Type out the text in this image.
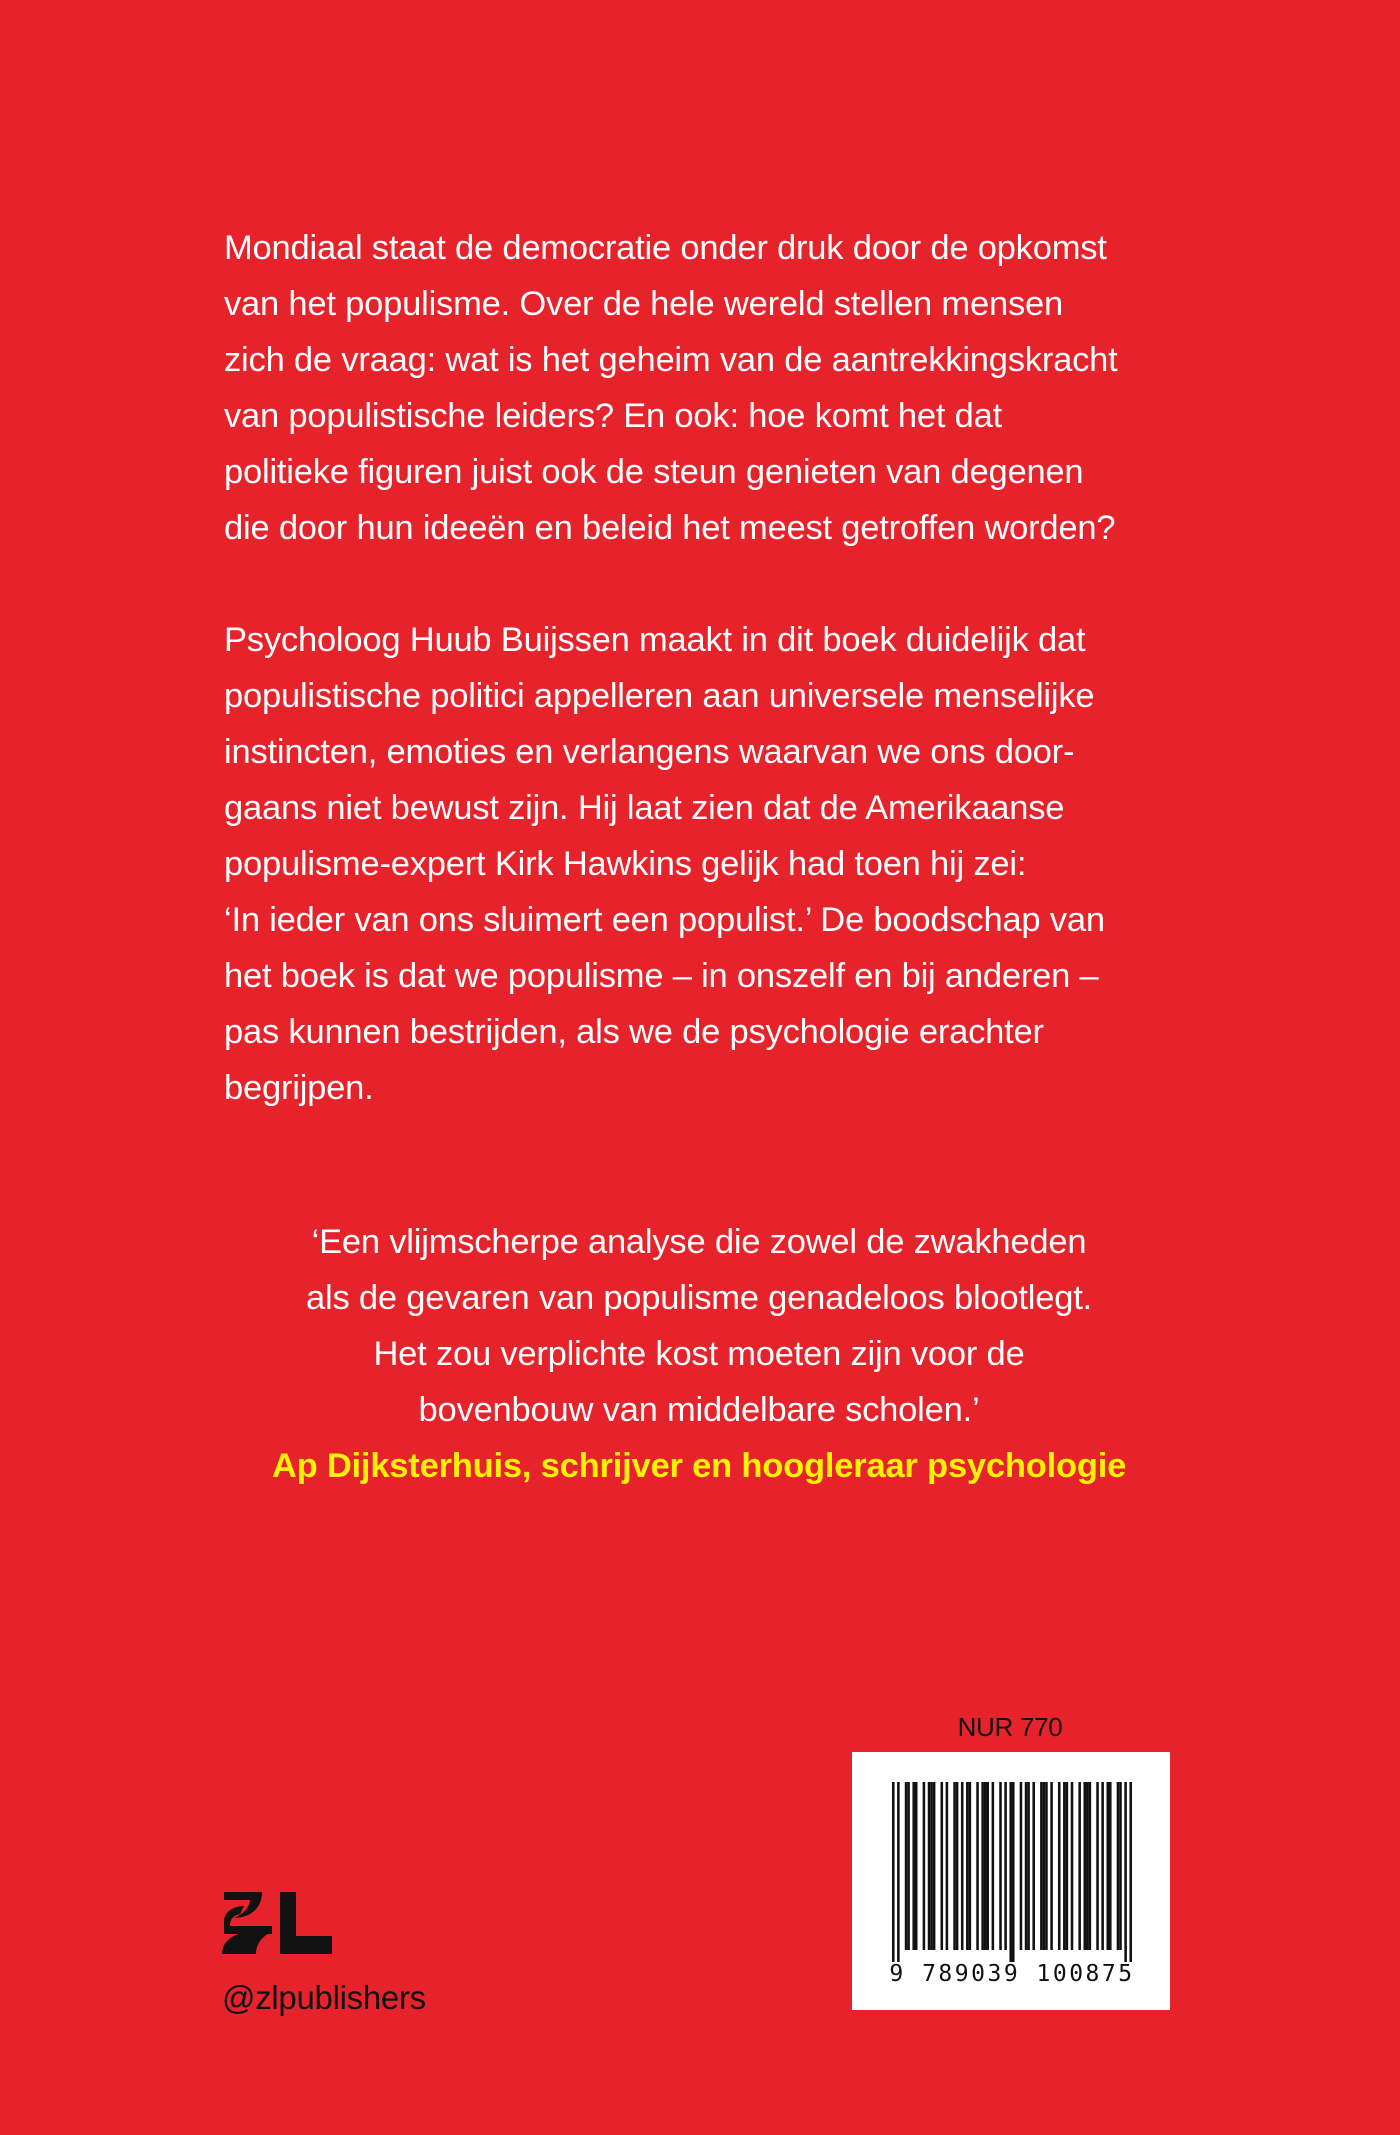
Mondiaal staat de democratie onder druk door de opkomst
van het populisme. Over de hele wereld stellen mensen
zich de vraag: wat is het geheim van de aantrekkingskracht
van populistische leiders? En ook: hoe komt het dat
politieke figuren juist ook de steun genieten van degenen
die door hun ideeën en beleid het meest getroffen worden?

Psycholoog Huub Buijssen maakt in dit boek duidelijk dat
populistische politici appelleren aan universele menselijke
instincten, emoties en verlangens waarvan we ons door-
gaans niet bewust zijn. Hij laat zien dat de Amerikaanse
populisme-expert Kirk Hawkins gelijk had toen hij zei:
‘In ieder van ons sluimert een populist.’ De boodschap van
het boek is dat we populisme – in onszelf en bij anderen –
pas kunnen bestrijden, als we de psychologie erachter
begrijpen.

‘Een vlijmscherpe analyse die zowel de zwakheden
als de gevaren van populisme genadeloos blootlegt.
Het zou verplichte kost moeten zijn voor de
bovenbouw van middelbare scholen.’
Ap Dijksterhuis, schrijver en hoogleraar psychologie
NUR 770
9 789039 100875
@zlpublishers
